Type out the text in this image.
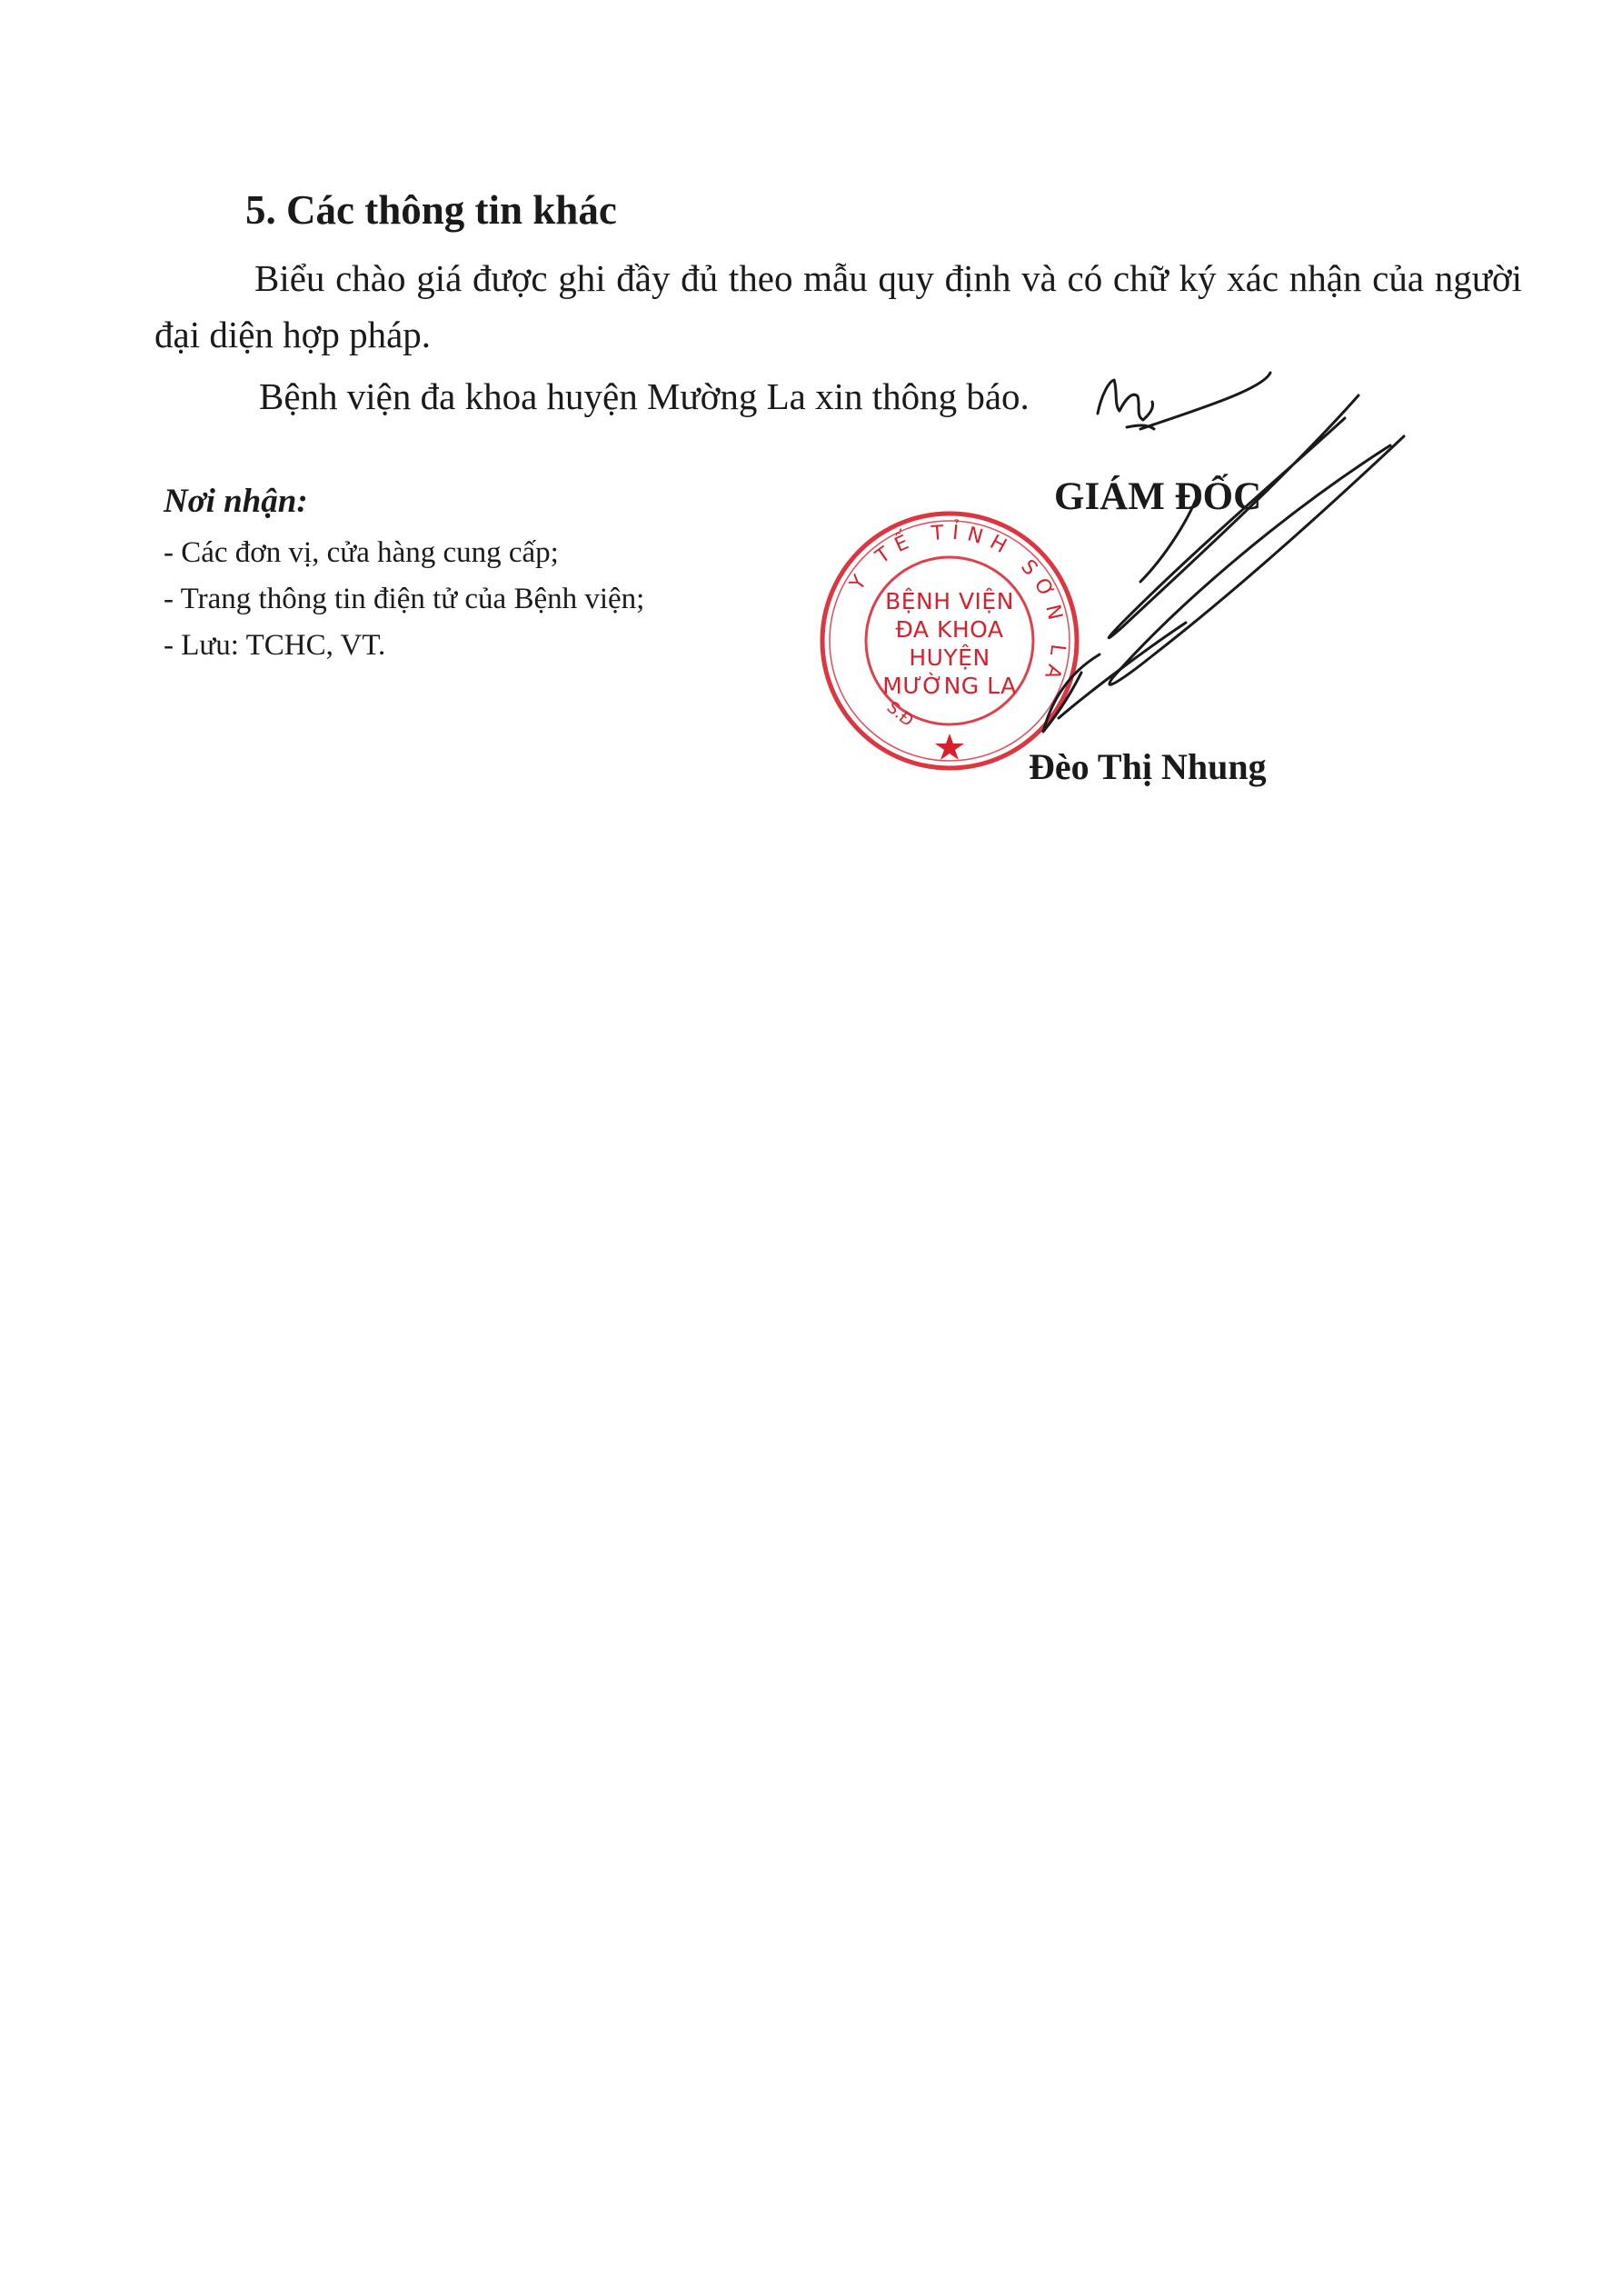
5. Các thông tin khác

Biểu chào giá được ghi đầy đủ theo mẫu quy định và có chữ ký xác nhận của người đại diện hợp pháp.

Bệnh viện đa khoa huyện Mường La xin thông báo.

Nơi nhận:

- Các đơn vị, cửa hàng cung cấp;
- Trang thông tin điện tử của Bệnh viện;
- Lưu: TCHC, VT.
Y TẾ TỈNH SƠN LA
S.Đ
BỆNH VIỆN
ĐA KHOA
HUYỆN
MƯỜNG LA

GIÁM ĐỐC

Đèo Thị Nhung
